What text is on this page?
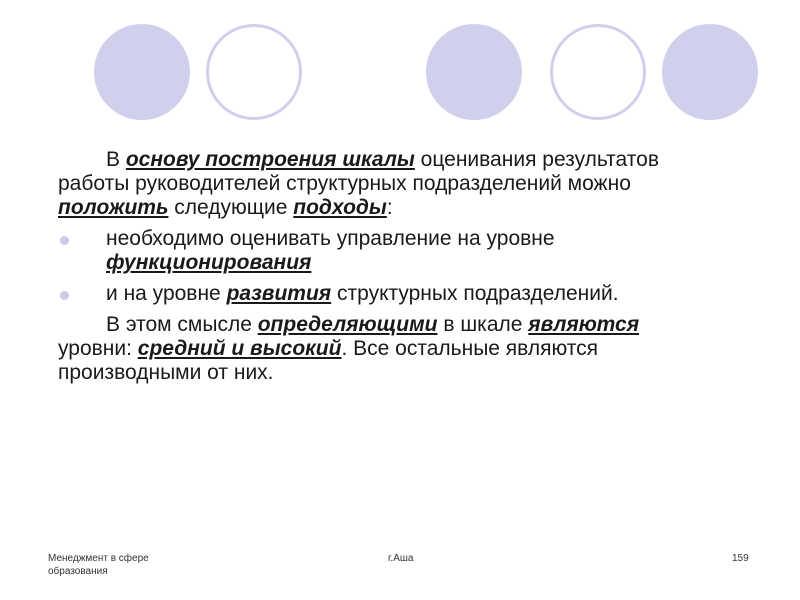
В основу построения шкалы оценивания результатов работы руководителей структурных подразделений можно положить следующие подходы:

необходимо оценивать управление на уровне функционирования
и на уровне развития структурных подразделений.

В этом смысле определяющими в шкале являются уровни: средний и высокий. Все остальные являются производными от них.

Менеджмент в сфере образования
г.Аша	159
